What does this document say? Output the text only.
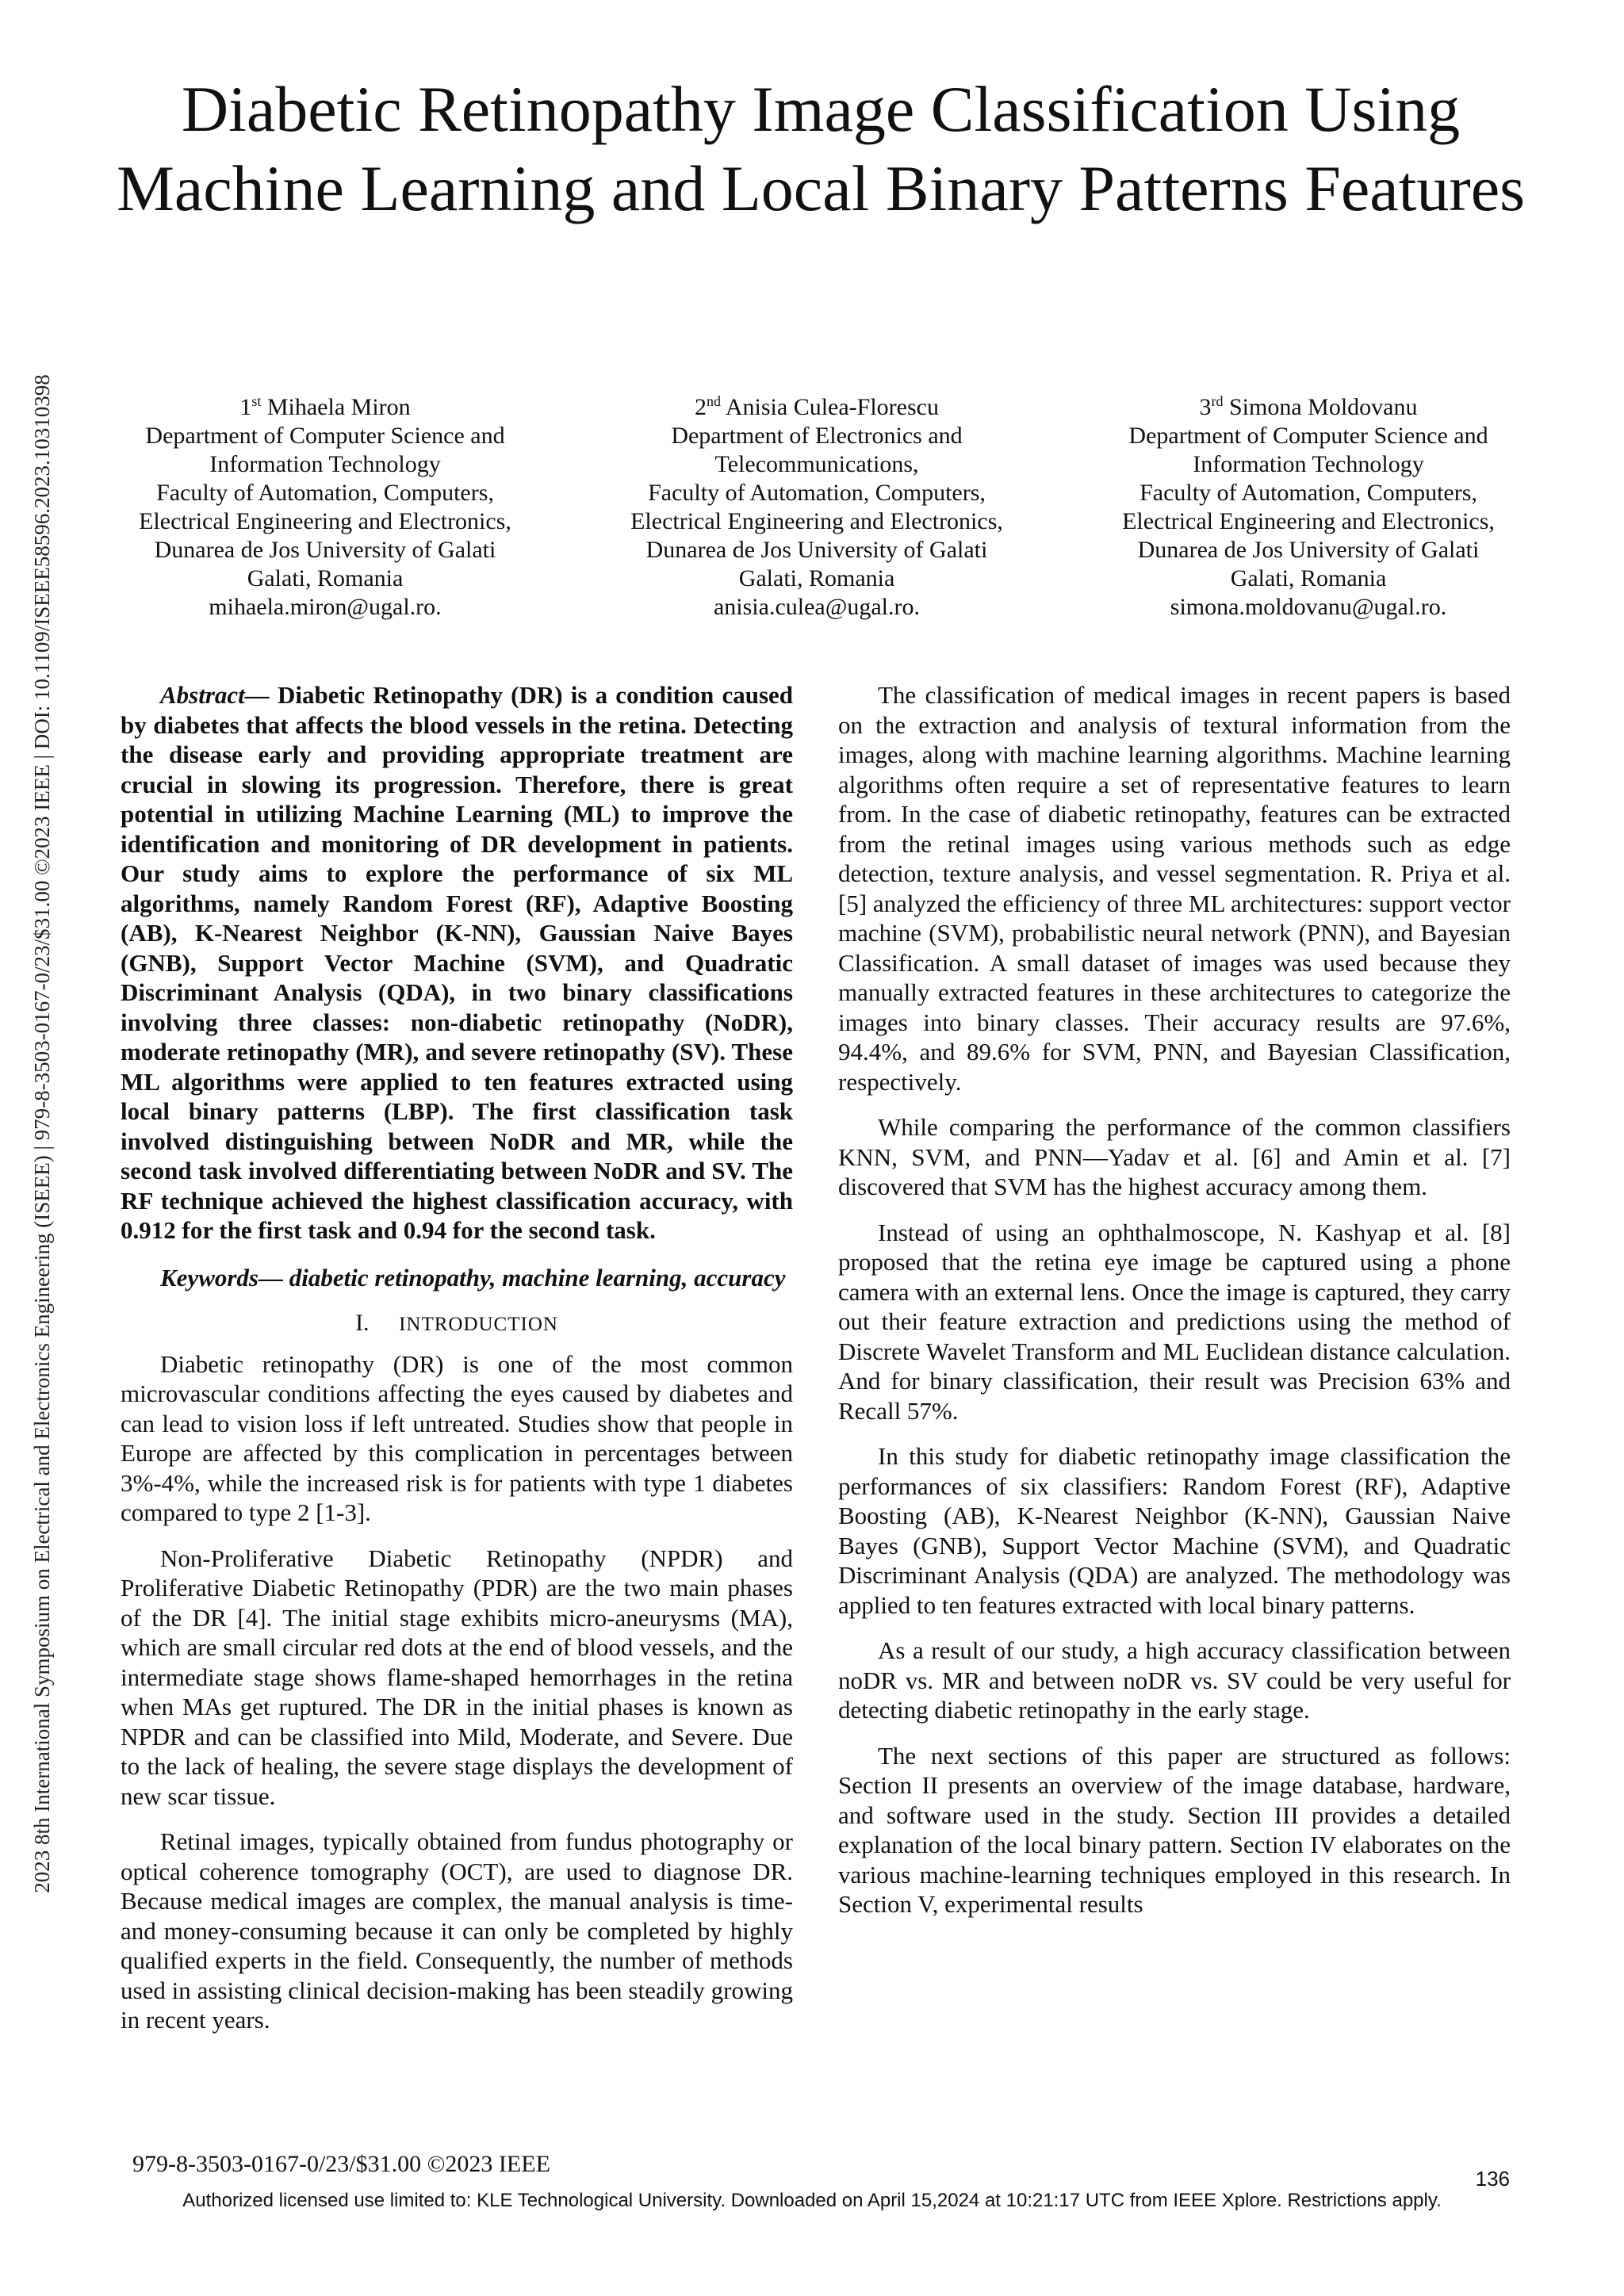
2023 8th International Symposium on Electrical and Electronics Engineering (ISEEE) | 979-8-3503-0167-0/23/$31.00 ©2023 IEEE | DOI: 10.1109/ISEEE58596.2023.10310398
Diabetic Retinopathy Image Classification Using Machine Learning and Local Binary Patterns Features
1st Mihaela Miron
Department of Computer Science and
Information Technology
Faculty of Automation, Computers,
Electrical Engineering and Electronics,
Dunarea de Jos University of Galati
Galati, Romania
mihaela.miron@ugal.ro.
2nd Anisia Culea-Florescu
Department of Electronics and
Telecommunications,
Faculty of Automation, Computers,
Electrical Engineering and Electronics,
Dunarea de Jos University of Galati
Galati, Romania
anisia.culea@ugal.ro.
3rd Simona Moldovanu
Department of Computer Science and
Information Technology
Faculty of Automation, Computers,
Electrical Engineering and Electronics,
Dunarea de Jos University of Galati
Galati, Romania
simona.moldovanu@ugal.ro.

Abstract— Diabetic Retinopathy (DR) is a condition caused by diabetes that affects the blood vessels in the retina. Detecting the disease early and providing appropriate treatment are crucial in slowing its progression. Therefore, there is great potential in utilizing Machine Learning (ML) to improve the identification and monitoring of DR development in patients. Our study aims to explore the performance of six ML algorithms, namely Random Forest (RF), Adaptive Boosting (AB), K-Nearest Neighbor (K-NN), Gaussian Naive Bayes (GNB), Support Vector Machine (SVM), and Quadratic Discriminant Analysis (QDA), in two binary classifications involving three classes: non-diabetic retinopathy (NoDR), moderate retinopathy (MR), and severe retinopathy (SV). These ML algorithms were applied to ten features extracted using local binary patterns (LBP). The first classification task involved distinguishing between NoDR and MR, while the second task involved differentiating between NoDR and SV. The RF technique achieved the highest classification accuracy, with 0.912 for the first task and 0.94 for the second task.

Keywords— diabetic retinopathy, machine learning, accuracy

I. INTRODUCTION

Diabetic retinopathy (DR) is one of the most common microvascular conditions affecting the eyes caused by diabetes and can lead to vision loss if left untreated. Studies show that people in Europe are affected by this complication in percentages between 3%-4%, while the increased risk is for patients with type 1 diabetes compared to type 2 [1-3].

Non-Proliferative Diabetic Retinopathy (NPDR) and Proliferative Diabetic Retinopathy (PDR) are the two main phases of the DR [4]. The initial stage exhibits micro-aneurysms (MA), which are small circular red dots at the end of blood vessels, and the intermediate stage shows flame-shaped hemorrhages in the retina when MAs get ruptured. The DR in the initial phases is known as NPDR and can be classified into Mild, Moderate, and Severe. Due to the lack of healing, the severe stage displays the development of new scar tissue.

Retinal images, typically obtained from fundus photography or optical coherence tomography (OCT), are used to diagnose DR. Because medical images are complex, the manual analysis is time- and money-consuming because it can only be completed by highly qualified experts in the field. Consequently, the number of methods used in assisting clinical decision-making has been steadily growing in recent years.

The classification of medical images in recent papers is based on the extraction and analysis of textural information from the images, along with machine learning algorithms. Machine learning algorithms often require a set of representative features to learn from. In the case of diabetic retinopathy, features can be extracted from the retinal images using various methods such as edge detection, texture analysis, and vessel segmentation. R. Priya et al. [5] analyzed the efficiency of three ML architectures: support vector machine (SVM), probabilistic neural network (PNN), and Bayesian Classification. A small dataset of images was used because they manually extracted features in these architectures to categorize the images into binary classes. Their accuracy results are 97.6%, 94.4%, and 89.6% for SVM, PNN, and Bayesian Classification, respectively.

While comparing the performance of the common classifiers KNN, SVM, and PNN—Yadav et al. [6] and Amin et al. [7] discovered that SVM has the highest accuracy among them.

Instead of using an ophthalmoscope, N. Kashyap et al. [8] proposed that the retina eye image be captured using a phone camera with an external lens. Once the image is captured, they carry out their feature extraction and predictions using the method of Discrete Wavelet Transform and ML Euclidean distance calculation. And for binary classification, their result was Precision 63% and Recall 57%.

In this study for diabetic retinopathy image classification the performances of six classifiers: Random Forest (RF), Adaptive Boosting (AB), K-Nearest Neighbor (K-NN), Gaussian Naive Bayes (GNB), Support Vector Machine (SVM), and Quadratic Discriminant Analysis (QDA) are analyzed. The methodology was applied to ten features extracted with local binary patterns.

As a result of our study, a high accuracy classification between noDR vs. MR and between noDR vs. SV could be very useful for detecting diabetic retinopathy in the early stage.

The next sections of this paper are structured as follows: Section II presents an overview of the image database, hardware, and software used in the study. Section III provides a detailed explanation of the local binary pattern. Section IV elaborates on the various machine-learning techniques employed in this research. In Section V, experimental results

979-8-3503-0167-0/23/$31.00 ©2023 IEEE
136
Authorized licensed use limited to: KLE Technological University. Downloaded on April 15,2024 at 10:21:17 UTC from IEEE Xplore. Restrictions apply.
